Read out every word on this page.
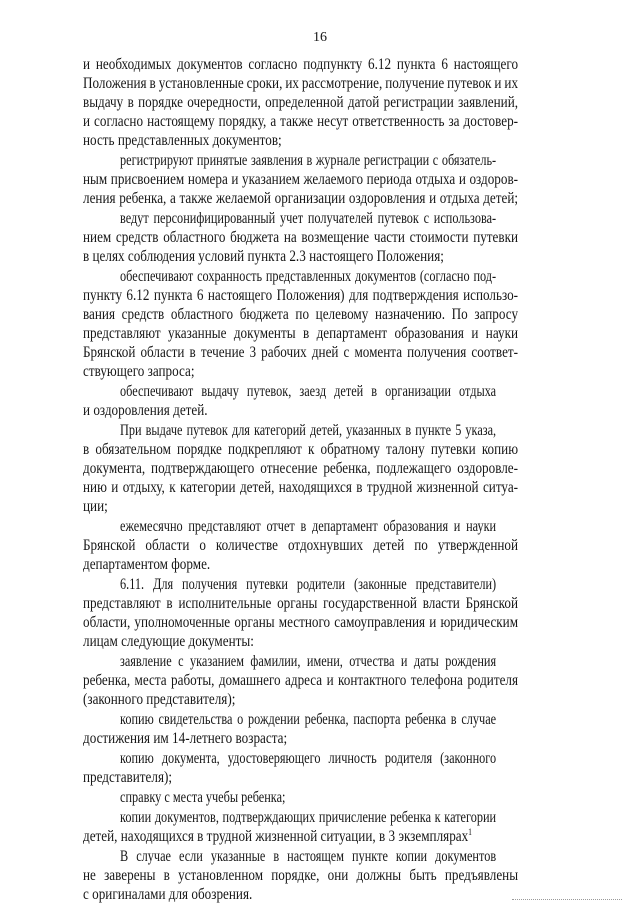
16
и необходимых документов согласно подпункту 6.12 пункта 6 настоящего
Положения в установленные сроки, их рассмотрение, получение путевок и их
выдачу в порядке очередности, определенной датой регистрации заявлений,
и согласно настоящему порядку, а также несут ответственность за достовер-
ность представленных документов;
регистрируют принятые заявления в журнале регистрации с обязатель-
ным присвоением номера и указанием желаемого периода отдыха и оздоров-
ления ребенка, а также желаемой организации оздоровления и отдыха детей;
ведут персонифицированный учет получателей путевок с использова-
нием средств областного бюджета на возмещение части стоимости путевки
в целях соблюдения условий пункта 2.3 настоящего Положения;
обеспечивают сохранность представленных документов (согласно под-
пункту 6.12 пункта 6 настоящего Положения) для подтверждения использо-
вания средств областного бюджета по целевому назначению. По запросу
представляют указанные документы в департамент образования и науки
Брянской области в течение 3 рабочих дней с момента получения соответ-
ствующего запроса;
обеспечивают выдачу путевок, заезд детей в организации отдыха
и оздоровления детей.
При выдаче путевок для категорий детей, указанных в пункте 5 указа,
в обязательном порядке подкрепляют к обратному талону путевки копию
документа, подтверждающего отнесение ребенка, подлежащего оздоровле-
нию и отдыху, к категории детей, находящихся в трудной жизненной ситуа-
ции;
ежемесячно представляют отчет в департамент образования и науки
Брянской области о количестве отдохнувших детей по утвержденной
департаментом форме.
6.11. Для получения путевки родители (законные представители)
представляют в исполнительные органы государственной власти Брянской
области, уполномоченные органы местного самоуправления и юридическим
лицам следующие документы:
заявление с указанием фамилии, имени, отчества и даты рождения
ребенка, места работы, домашнего адреса и контактного телефона родителя
(законного представителя);
копию свидетельства о рождении ребенка, паспорта ребенка в случае
достижения им 14-летнего возраста;
копию документа, удостоверяющего личность родителя (законного
представителя);
справку с места учебы ребенка;
копии документов, подтверждающих причисление ребенка к категории
детей, находящихся в трудной жизненной ситуации, в 3 экземплярах$^1$
В случае если указанные в настоящем пункте копии документов
не заверены в установленном порядке, они должны быть предъявлены
с оригиналами для обозрения.
